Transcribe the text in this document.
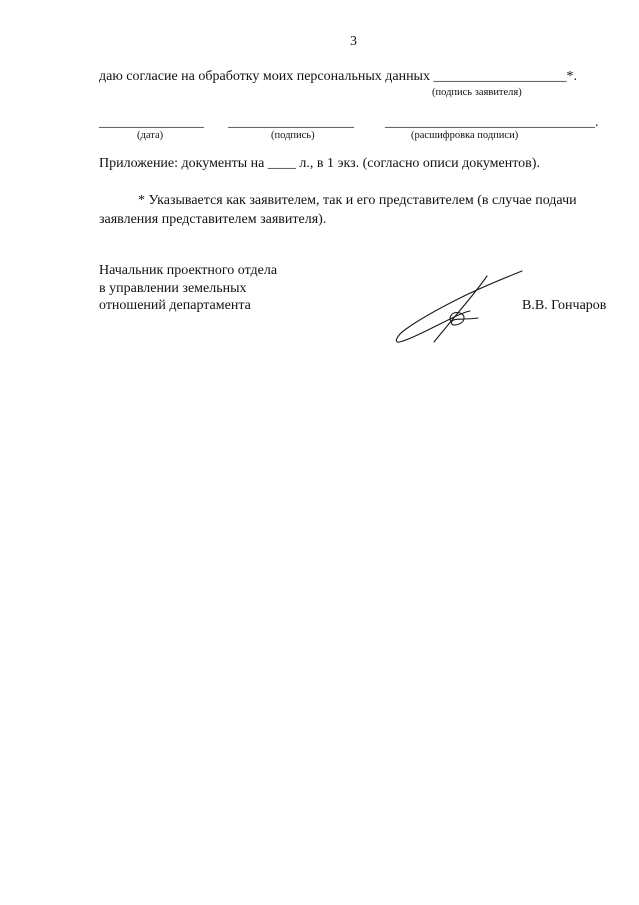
3
даю согласие на обработку моих персональных данных ___________________*.
(подпись заявителя)
_______________ __________________ ______________________________.
(дата)	(подпись)	(расшифровка подписи)
Приложение: документы на ____ л., в 1 экз. (согласно описи документов).
* Указывается как заявителем, так и его представителем (в случае подачи
заявления представителем заявителя).
Начальник проектного отдела
в управлении земельных
отношений департамента	В.В. Гончаров
